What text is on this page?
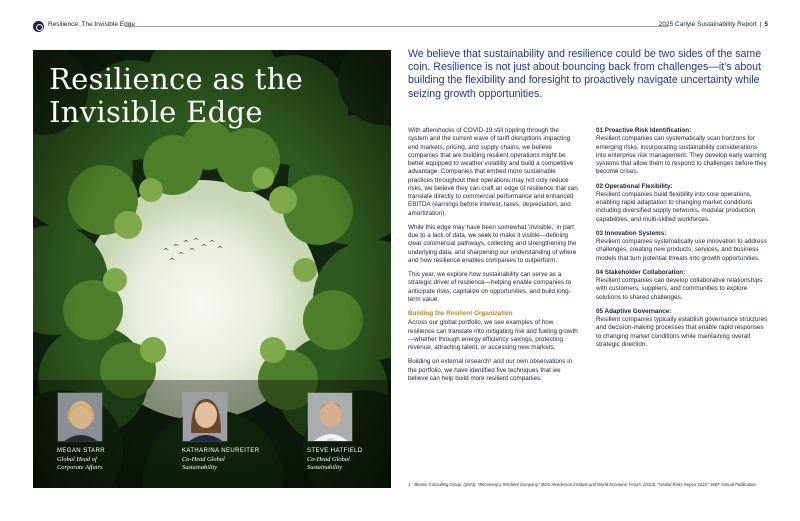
Resilience: The Invisible Edge	2025 Carlyle Sustainability Report | 5
Resilience as the
Invisible Edge
MEGAN STARR
Global Head of
Corporate Affairs
KATHARINA NEUREITER
Co-Head Global
Sustainability
STEVE HATFIELD
Co-Head Global
Sustainability
We believe that sustainability and resilience could be two sides of the same coin. Resilience is not just about bouncing back from challenges—it's about building the flexibility and foresight to proactively navigate uncertainty while seizing growth opportunities.

With aftershocks of COVID-19 still rippling through the system and the current wave of tariff disruptions impacting end markets, pricing, and supply chains, we believe companies that are building resilient operations might be better equipped to weather volatility and build a competitive advantage. Companies that embed more sustainable practices throughout their operations may not only reduce risks, we believe they can craft an edge of resilience that can translate directly to commercial performance and enhanced EBITDA (earnings before interest, taxes, depreciation, and amortization).

While this edge may have been somewhat 'invisible,' in part due to a lack of data, we seek to make it visible—defining clear commercial pathways, collecting and strengthening the underlying data, and sharpening our understanding of where and how resilience enables companies to outperform.

This year, we explore how sustainability can serve as a strategic driver of resilience—helping enable companies to anticipate risks, capitalize on opportunities, and build long-term value.

Building the Resilient Organization

Across our global portfolio, we see examples of how resilience can translate into mitigating risk and fueling growth—whether through energy efficiency savings, protecting revenue, attracting talent, or accessing new markets.

Building on external research¹ and our own observations in the portfolio, we have identified five techniques that we believe can help build more resilient companies:

01 Proactive Risk Identification:
Resilient companies can systematically scan horizons for emerging risks, incorporating sustainability considerations into enterprise risk management. They develop early warning systems that allow them to respond to challenges before they become crises.
02 Operational Flexibility:
Resilient companies build flexibility into core operations, enabling rapid adaptation to changing market conditions including diversified supply networks, modular production capabilities, and multi-skilled workforces.
03 Innovation Systems:
Resilient companies systematically use innovation to address challenges, creating new products, services, and business models that turn potential threats into growth opportunities.
04 Stakeholder Collaboration:
Resilient companies can develop collaborative relationships with customers, suppliers, and communities to explore solutions to shared challenges.
05 Adaptive Governance:
Resilient companies typically establish governance structures and decision-making processes that enable rapid responses to changing market conditions while maintaining overall strategic direction.
1 Boston Consulting Group. (2023). "Becoming a Resilient Company." BCG Henderson Institute and World Economic Forum. (2023). "Global Risks Report 2023." WEF Annual Publication.
